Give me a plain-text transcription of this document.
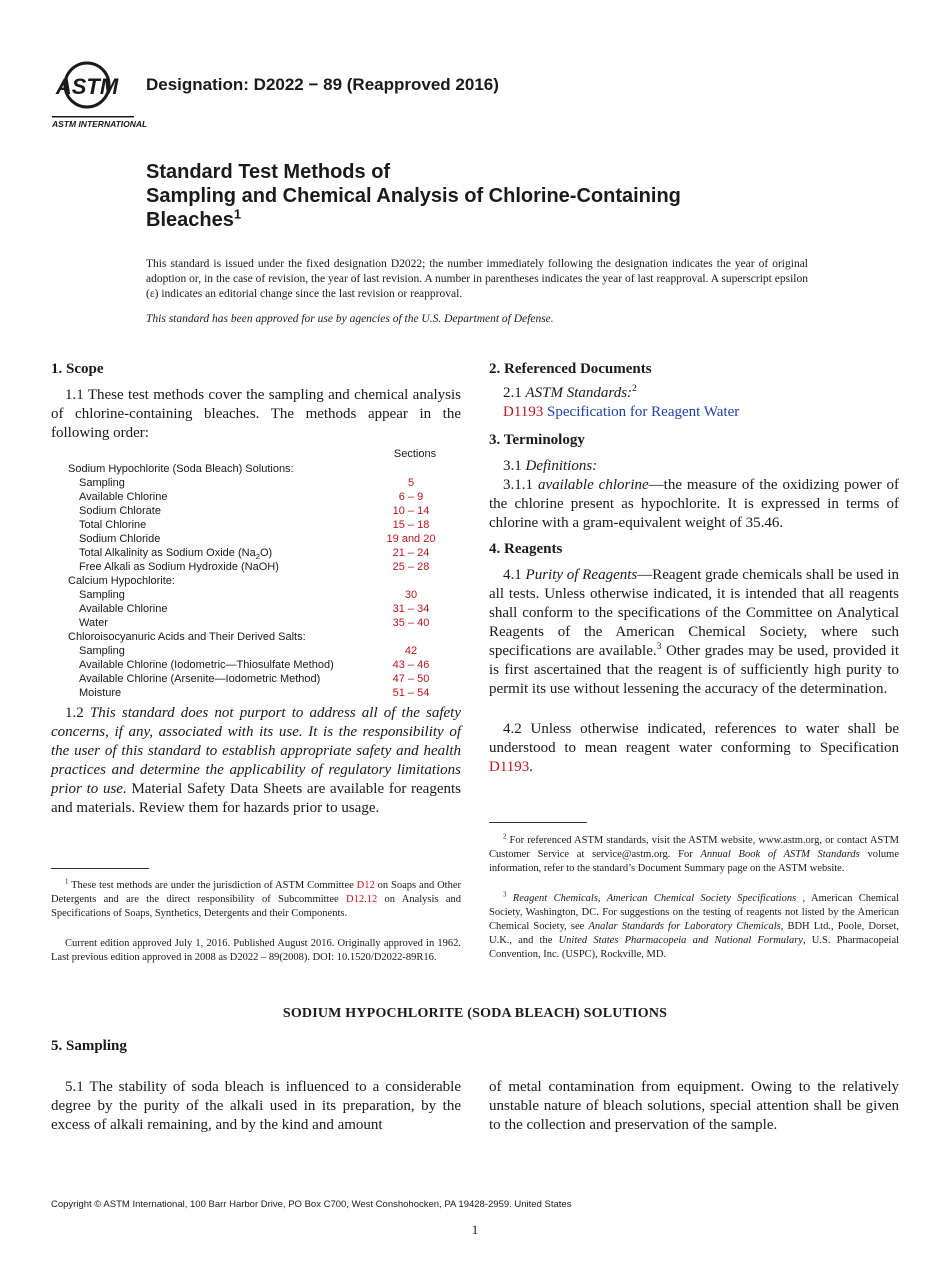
ASTM
ASTM INTERNATIONAL
Designation: D2022 − 89 (Reapproved 2016)
Standard Test Methods of
Sampling and Chemical Analysis of Chlorine-Containing
Bleaches$^1$
This standard is issued under the fixed designation D2022; the number immediately following the designation indicates the year of original adoption or, in the case of revision, the year of last revision. A number in parentheses indicates the year of last reapproval. A superscript epsilon (ε) indicates an editorial change since the last revision or reapproval.
This standard has been approved for use by agencies of the U.S. Department of Defense.
1. Scope
1.1 These test methods cover the sampling and chemical analysis of chlorine-containing bleaches. The methods appear in the following order:
Sections
Sodium Hypochlorite (Soda Bleach) Solutions:
Sampling	5
Available Chlorine	6 – 9
Sodium Chlorate	10 – 14
Total Chlorine	15 – 18
Sodium Chloride	19 and 20
Total Alkalinity as Sodium Oxide $(Na_2O)$	21 – 24
Free Alkali as Sodium Hydroxide (NaOH)	25 – 28
Calcium Hypochlorite:
Sampling	30
Available Chlorine	31 – 34
Water	35 – 40
Chloroisocyanuric Acids and Their Derived Salts:
Sampling	42
Available Chlorine (Iodometric—Thiosulfate Method)	43 – 46
Available Chlorine (Arsenite—Iodometric Method)	47 – 50
Moisture	51 – 54
1.2 This standard does not purport to address all of the safety concerns, if any, associated with its use. It is the responsibility of the user of this standard to establish appropriate safety and health practices and determine the applicability of regulatory limitations prior to use. Material Safety Data Sheets are available for reagents and materials. Review them for hazards prior to usage.
$^1$ These test methods are under the jurisdiction of ASTM Committee D12 on Soaps and Other Detergents and are the direct responsibility of Subcommittee D12.12 on Analysis and Specifications of Soaps, Synthetics, Detergents and their Components.
Current edition approved July 1, 2016. Published August 2016. Originally approved in 1962. Last previous edition approved in 2008 as D2022 – 89(2008). DOI: 10.1520/D2022-89R16.
2. Referenced Documents
2.1 ASTM Standards:$^2$
D1193 Specification for Reagent Water
3. Terminology
3.1 Definitions:
3.1.1 available chlorine—the measure of the oxidizing power of the chlorine present as hypochlorite. It is expressed in terms of chlorine with a gram-equivalent weight of 35.46.
4. Reagents
4.1 Purity of Reagents—Reagent grade chemicals shall be used in all tests. Unless otherwise indicated, it is intended that all reagents shall conform to the specifications of the Committee on Analytical Reagents of the American Chemical Society, where such specifications are available.$^3$ Other grades may be used, provided it is first ascertained that the reagent is of sufficiently high purity to permit its use without lessening the accuracy of the determination.
4.2 Unless otherwise indicated, references to water shall be understood to mean reagent water conforming to Specification D1193.
$^2$ For referenced ASTM standards, visit the ASTM website, www.astm.org, or contact ASTM Customer Service at service@astm.org. For Annual Book of ASTM Standards volume information, refer to the standard’s Document Summary page on the ASTM website.
$^3$ Reagent Chemicals, American Chemical Society Specifications , American Chemical Society, Washington, DC. For suggestions on the testing of reagents not listed by the American Chemical Society, see Analar Standards for Laboratory Chemicals, BDH Ltd., Poole, Dorset, U.K., and the United States Pharmacopeia and National Formulary, U.S. Pharmacopeial Convention, Inc. (USPC), Rockville, MD.
SODIUM HYPOCHLORITE (SODA BLEACH) SOLUTIONS
5. Sampling
5.1 The stability of soda bleach is influenced to a considerable degree by the purity of the alkali used in its preparation, by the excess of alkali remaining, and by the kind and amount
of metal contamination from equipment. Owing to the relatively unstable nature of bleach solutions, special attention shall be given to the collection and preservation of the sample.
Copyright © ASTM International, 100 Barr Harbor Drive, PO Box C700, West Conshohocken, PA 19428-2959. United States
1
